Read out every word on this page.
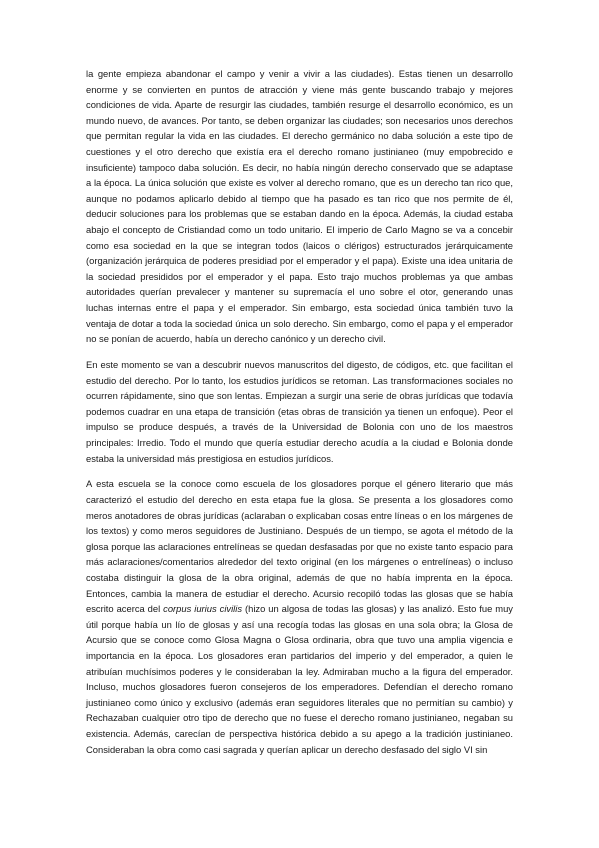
la gente empieza abandonar el campo y venir a vivir a las ciudades). Estas tienen un desarrollo enorme y se convierten en puntos de atracción y viene más gente buscando trabajo y mejores condiciones de vida. Aparte de resurgir las ciudades, también resurge el desarrollo económico, es un mundo nuevo, de avances. Por tanto, se deben organizar las ciudades; son necesarios unos derechos que permitan regular la vida en las ciudades. El derecho germánico no daba solución a este tipo de cuestiones y el otro derecho que existía era el derecho romano justinianeo (muy empobrecido e insuficiente) tampoco daba solución. Es decir, no había ningún derecho conservado que se adaptase a la época. La única solución que existe es volver al derecho romano, que es un derecho tan rico que, aunque no podamos aplicarlo debido al tiempo que ha pasado es tan rico que nos permite de él, deducir soluciones para los problemas que se estaban dando en la época. Además, la ciudad estaba abajo el concepto de Cristiandad como un todo unitario. El imperio de Carlo Magno se va a concebir como esa sociedad en la que se integran todos (laicos o clérigos) estructurados jerárquicamente (organización jerárquica de poderes presidiad por el emperador y el papa). Existe una idea unitaria de la sociedad presididos por el emperador y el papa. Esto trajo muchos problemas ya que ambas autoridades querían prevalecer y mantener su supremacía el uno sobre el otor, generando unas luchas internas entre el papa y el emperador. Sin embargo, esta sociedad única también tuvo la ventaja de dotar a toda la sociedad única un solo derecho. Sin embargo, como el papa y el emperador no se ponían de acuerdo, había un derecho canónico y un derecho civil.

En este momento se van a descubrir nuevos manuscritos del digesto, de códigos, etc. que facilitan el estudio del derecho. Por lo tanto, los estudios jurídicos se retoman. Las transformaciones sociales no ocurren rápidamente, sino que son lentas. Empiezan a surgir una serie de obras jurídicas que todavía podemos cuadrar en una etapa de transición (etas obras de transición ya tienen un enfoque). Peor el impulso se produce después, a través de la Universidad de Bolonia con uno de los maestros principales: Irredio. Todo el mundo que quería estudiar derecho acudía a la ciudad e Bolonia donde estaba la universidad más prestigiosa en estudios jurídicos.

A esta escuela se la conoce como escuela de los glosadores porque el género literario que más caracterizó el estudio del derecho en esta etapa fue la glosa. Se presenta a los glosadores como meros anotadores de obras jurídicas (aclaraban o explicaban cosas entre líneas o en los márgenes de los textos) y como meros seguidores de Justiniano. Después de un tiempo, se agota el método de la glosa porque las aclaraciones entrelíneas se quedan desfasadas por que no existe tanto espacio para más aclaraciones/comentarios alrededor del texto original (en los márgenes o entrelíneas) o incluso costaba distinguir la glosa de la obra original, además de que no había imprenta en la época. Entonces, cambia la manera de estudiar el derecho. Acursio recopiló todas las glosas que se había escrito acerca del corpus iurius civilis (hizo un algosa de todas las glosas) y las analizó. Esto fue muy útil porque había un lío de glosas y así una recogía todas las glosas en una sola obra; la Glosa de Acursio que se conoce como Glosa Magna o Glosa ordinaria, obra que tuvo una amplia vigencia e importancia en la época. Los glosadores eran partidarios del imperio y del emperador, a quien le atribuían muchísimos poderes y le consideraban la ley. Admiraban mucho a la figura del emperador. Incluso, muchos glosadores fueron consejeros de los emperadores. Defendían el derecho romano justinianeo como único y exclusivo (además eran seguidores literales que no permitían su cambio) y Rechazaban cualquier otro tipo de derecho que no fuese el derecho romano justinianeo, negaban su existencia. Además, carecían de perspectiva histórica debido a su apego a la tradición justinianeo. Consideraban la obra como casi sagrada y querían aplicar un derecho desfasado del siglo VI sin
